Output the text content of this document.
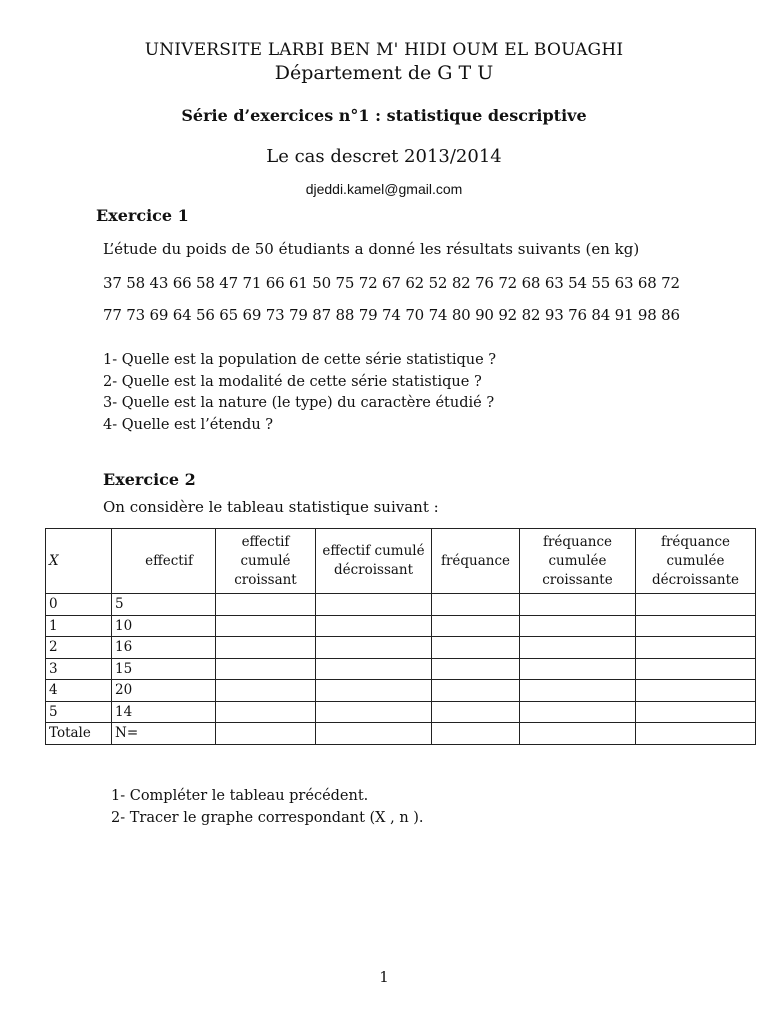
UNIVERSITE LARBI BEN M' HIDI OUM EL BOUAGHI
Département de G T U
Série d’exercices n°1 : statistique descriptive
Le cas descret 2013/2014
djeddi.kamel@gmail.com
Exercice 1
L’étude du poids de 50 étudiants a donné les résultats suivants (en kg)
37 58 43 66 58 47 71 66 61 50 75 72 67 62 52 82 76 72 68 63 54 55 63 68 72
77 73 69 64 56 65 69 73 79 87 88 79 74 70 74 80 90 92 82 93 76 84 91 98 86
1- Quelle est la population de cette série statistique ?
2- Quelle est la modalité de cette série statistique ?
3- Quelle est la nature (le type) du caractère étudié ?
4- Quelle est l’étendu ?
Exercice 2
On considère le tableau statistique suivant :
X	effectif	effectif cumulé croissant	effectif cumulé décroissant	fréquance	fréquance cumulée croissante	fréquance cumulée décroissante
0	5					
1	10					
2	16					
3	15					
4	20					
5	14					
Totale	N=					
1- Compléter le tableau précédent.
2- Tracer le graphe correspondant (X , n ).
1
